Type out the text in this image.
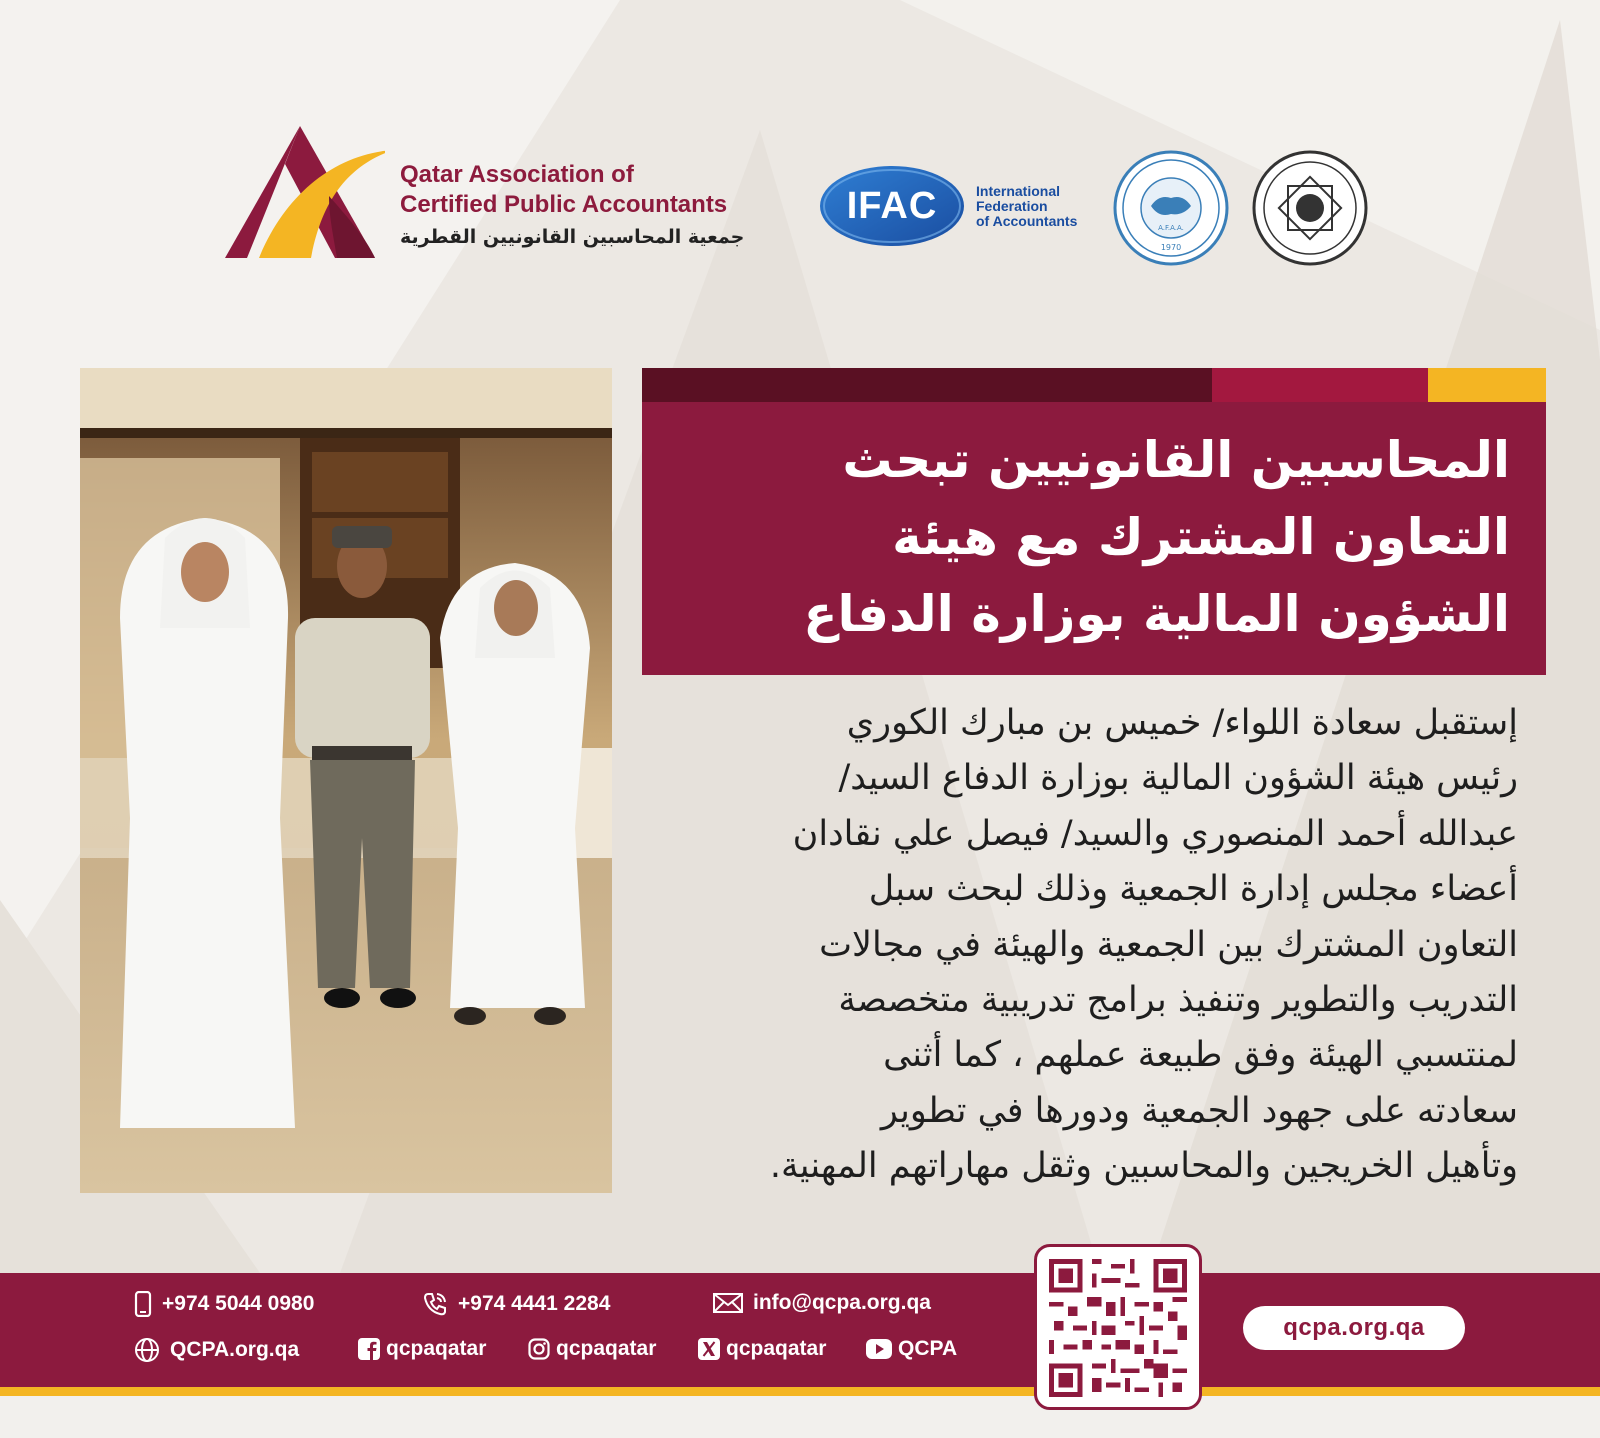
Qatar Association of
Certified Public Accountants
جمعية المحاسبين القانونيين القطرية
IFAC	International
Federation
of Accountants	A.F.A.A.
1970
المحاسبين القانونيين تبحث
التعاون المشترك مع هيئة
الشؤون المالية بوزارة الدفاع
إستقبل سعادة اللواء/ خميس بن مبارك الكوري
رئيس هيئة الشؤون المالية بوزارة الدفاع السيد/
عبدالله أحمد المنصوري والسيد/ فيصل علي نقادان
أعضاء مجلس إدارة الجمعية وذلك لبحث سبل
التعاون المشترك بين الجمعية والهيئة في مجالات
التدريب والتطوير وتنفيذ برامج تدريبية متخصصة
لمنتسبي الهيئة وفق طبيعة عملهم ، كما أثنى
سعادته على جهود الجمعية ودورها في تطوير
وتأهيل الخريجين والمحاسبين وثقل مهاراتهم المهنية.
+974 5044 0980	+974 4441 2284	info@qcpa.org.qa
QCPA.org.qa	qcpaqatar	qcpaqatar	qcpaqatar	QCPA
qcpa.org.qa
